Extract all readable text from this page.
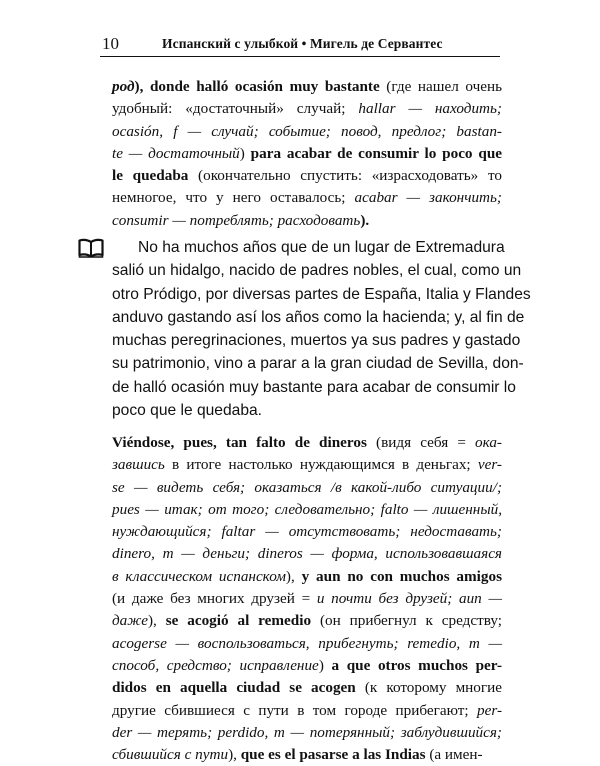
10	Испанский с улыбкой • Мигель де Сервантес
род), donde halló ocasión muy bastante (где нашел очень
удобный: «достаточный» случай; hallar — находить;
ocasión, f — случай; событие; повод, предлог; bastan-
te — достаточный) para acabar de consumir lo poco que
le quedaba (окончательно спустить: «израсходовать» то
немногое, что у него оставалось; acabar — закончить;
consumir — потреблять; расходовать).
No ha muchos años que de un lugar de Extremadura
salió un hidalgo, nacido de padres nobles, el cual, como un
otro Pródigo, por diversas partes de España, Italia y Flandes
anduvo gastando así los años como la hacienda; y, al fin de
muchas peregrinaciones, muertos ya sus padres y gastado
su patrimonio, vino a parar a la gran ciudad de Sevilla, don-
de halló ocasión muy bastante para acabar de consumir lo
poco que le quedaba.
Viéndose, pues, tan falto de dineros (видя себя = ока-
завшись в итоге настолько нуждающимся в деньгах; ver-
se — видеть себя; оказаться /в какой-либо ситуации/;
pues — итак; от того; следовательно; falto — лишенный,
нуждающийся; faltar — отсутствовать; недоставать;
dinero, m — деньги; dineros — форма, использовавшаяся
в классическом испанском), y aun no con muchos amigos
(и даже без многих друзей = и почти без друзей; aun —
даже), se acogió al remedio (он прибегнул к средству;
acogerse — воспользоваться, прибегнуть; remedio, m —
способ, средство; исправление) a que otros muchos per-
didos en aquella ciudad se acogen (к которому многие
другие сбившиеся с пути в том городе прибегают; per-
der — терять; perdido, m — потерянный; заблудившийся;
сбившийся с пути), que es el pasarse a las Indias (а имен-
